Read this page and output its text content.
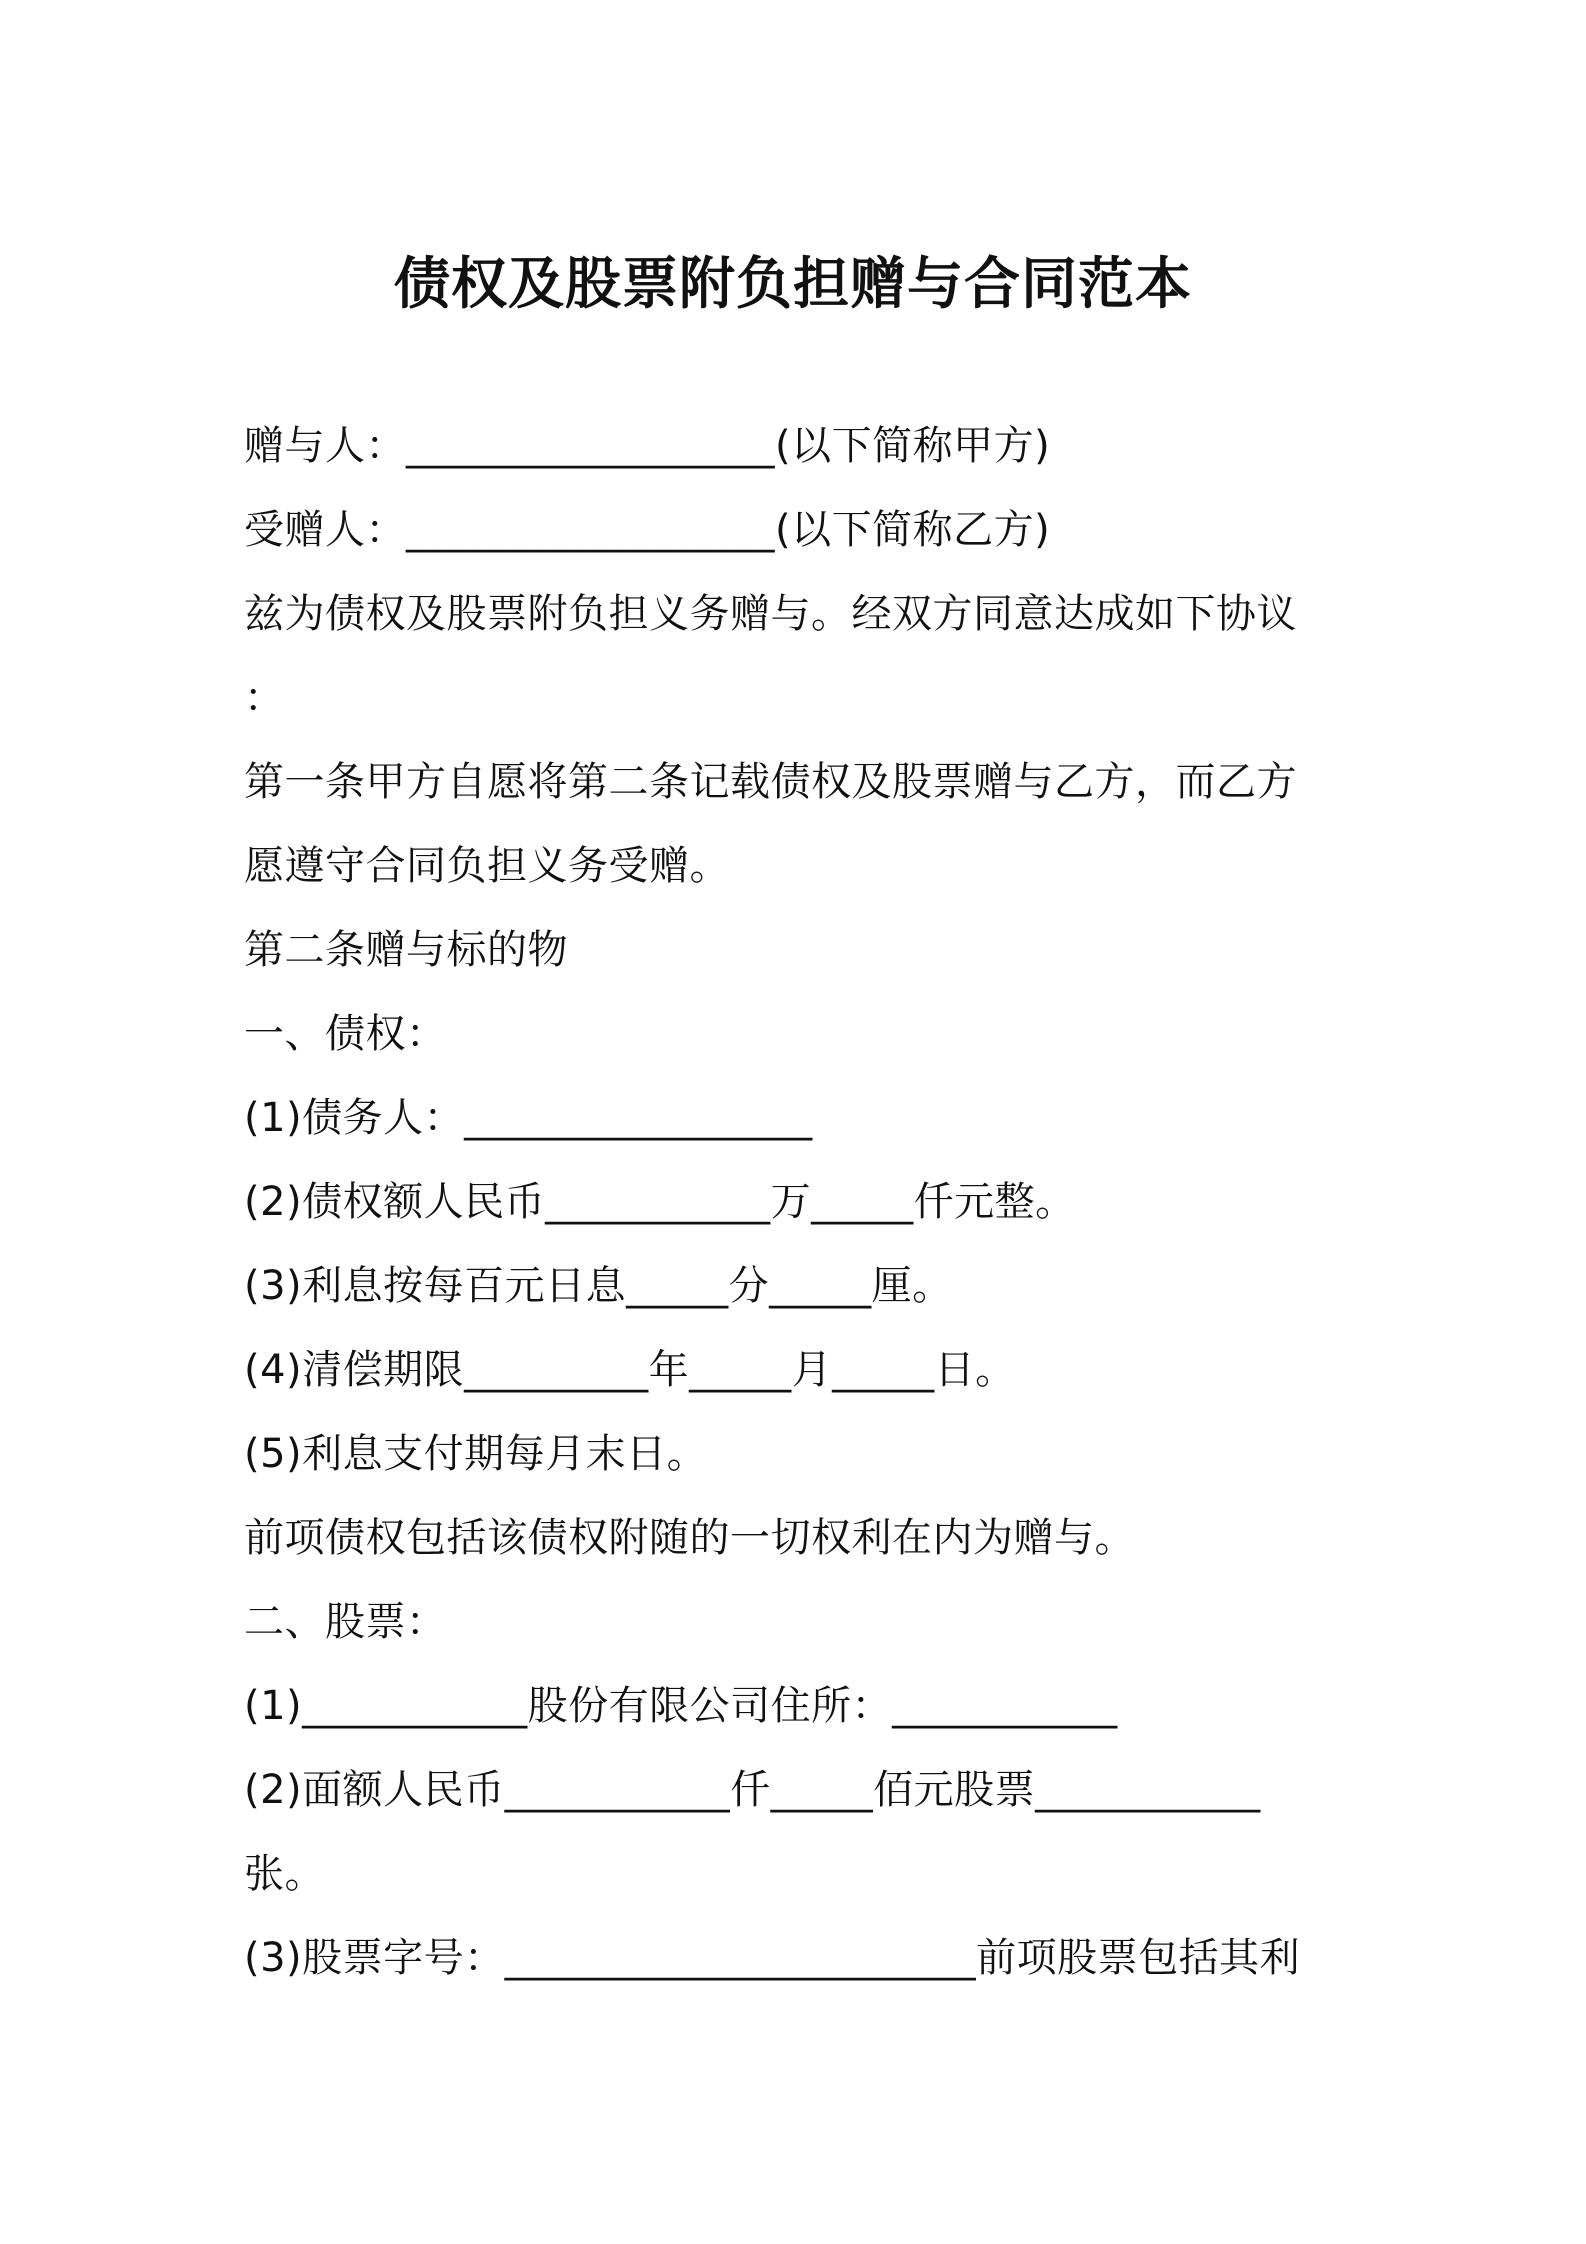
债权及股票附负担赠与合同范本
赠与人：__________________(以下简称甲方)
受赠人：__________________(以下简称乙方)
兹为债权及股票附负担义务赠与。经双方同意达成如下协议
：
第一条甲方自愿将第二条记载债权及股票赠与乙方，而乙方
愿遵守合同负担义务受赠。
第二条赠与标的物
一、债权：
(1)债务人：_________________
(2)债权额人民币___________万_____仟元整。
(3)利息按每百元日息_____分_____厘。
(4)清偿期限_________年_____月_____日。
(5)利息支付期每月末日。
前项债权包括该债权附随的一切权利在内为赠与。
二、股票：
(1)___________股份有限公司住所：___________
(2)面额人民币___________仟_____佰元股票___________
张。
(3)股票字号：_______________________前项股票包括其利
